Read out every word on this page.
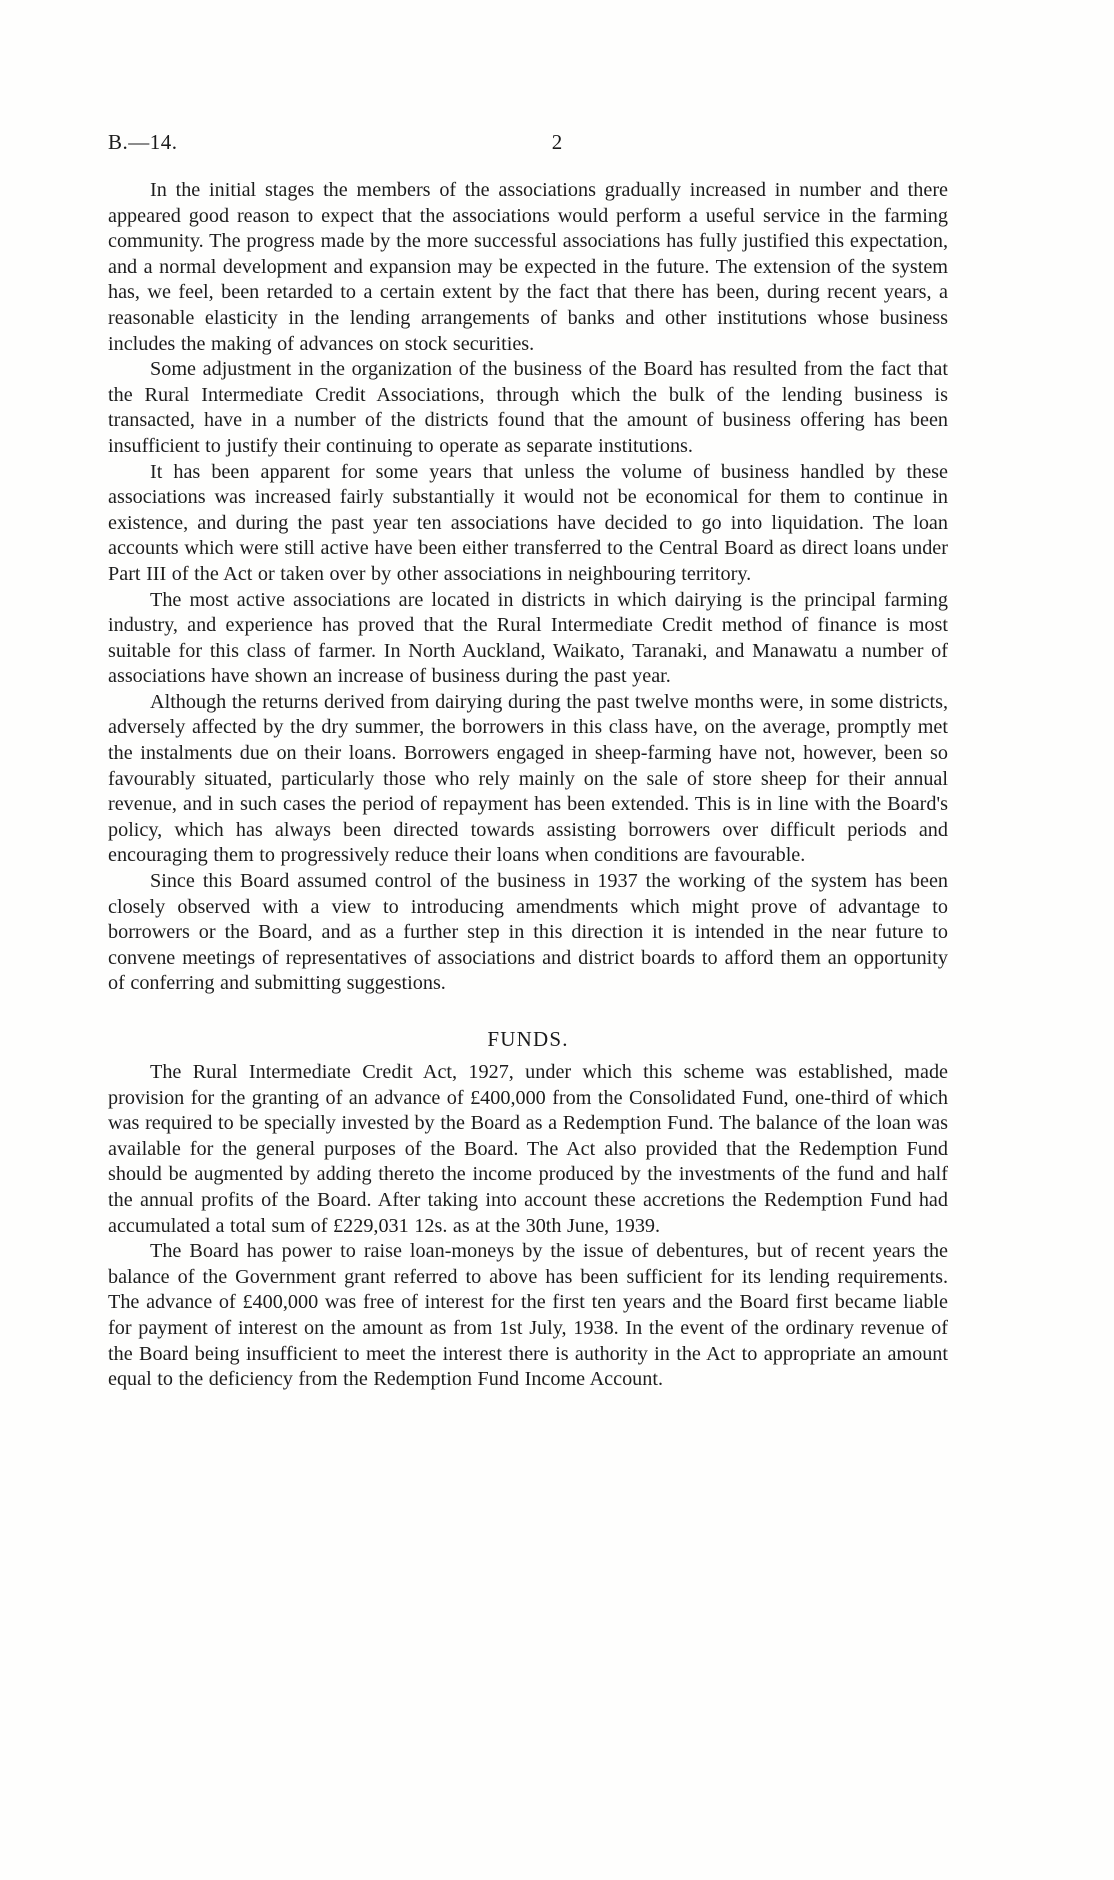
B.—14.	2

In the initial stages the members of the associations gradually increased in number and there appeared good reason to expect that the associations would perform a useful service in the farming community. The progress made by the more successful associations has fully justified this expectation, and a normal development and expansion may be expected in the future. The extension of the system has, we feel, been retarded to a certain extent by the fact that there has been, during recent years, a reasonable elasticity in the lending arrangements of banks and other institutions whose business includes the making of advances on stock securities.

Some adjustment in the organization of the business of the Board has resulted from the fact that the Rural Intermediate Credit Associations, through which the bulk of the lending business is transacted, have in a number of the districts found that the amount of business offering has been insufficient to justify their continuing to operate as separate institutions.

It has been apparent for some years that unless the volume of business handled by these associations was increased fairly substantially it would not be economical for them to continue in existence, and during the past year ten associations have decided to go into liquidation. The loan accounts which were still active have been either transferred to the Central Board as direct loans under Part III of the Act or taken over by other associations in neighbouring territory.

The most active associations are located in districts in which dairying is the principal farming industry, and experience has proved that the Rural Intermediate Credit method of finance is most suitable for this class of farmer. In North Auckland, Waikato, Taranaki, and Manawatu a number of associations have shown an increase of business during the past year.

Although the returns derived from dairying during the past twelve months were, in some districts, adversely affected by the dry summer, the borrowers in this class have, on the average, promptly met the instalments due on their loans. Borrowers engaged in sheep-farming have not, however, been so favourably situated, particularly those who rely mainly on the sale of store sheep for their annual revenue, and in such cases the period of repayment has been extended. This is in line with the Board's policy, which has always been directed towards assisting borrowers over difficult periods and encouraging them to progressively reduce their loans when conditions are favourable.

Since this Board assumed control of the business in 1937 the working of the system has been closely observed with a view to introducing amendments which might prove of advantage to borrowers or the Board, and as a further step in this direction it is intended in the near future to convene meetings of representatives of associations and district boards to afford them an opportunity of conferring and submitting suggestions.

FUNDS.

The Rural Intermediate Credit Act, 1927, under which this scheme was established, made provision for the granting of an advance of £400,000 from the Consolidated Fund, one-third of which was required to be specially invested by the Board as a Redemption Fund. The balance of the loan was available for the general purposes of the Board. The Act also provided that the Redemption Fund should be augmented by adding thereto the income produced by the investments of the fund and half the annual profits of the Board. After taking into account these accretions the Redemption Fund had accumulated a total sum of £229,031 12s. as at the 30th June, 1939.

The Board has power to raise loan-moneys by the issue of debentures, but of recent years the balance of the Government grant referred to above has been sufficient for its lending requirements. The advance of £400,000 was free of interest for the first ten years and the Board first became liable for payment of interest on the amount as from 1st July, 1938. In the event of the ordinary revenue of the Board being insufficient to meet the interest there is authority in the Act to appropriate an amount equal to the deficiency from the Redemption Fund Income Account.
